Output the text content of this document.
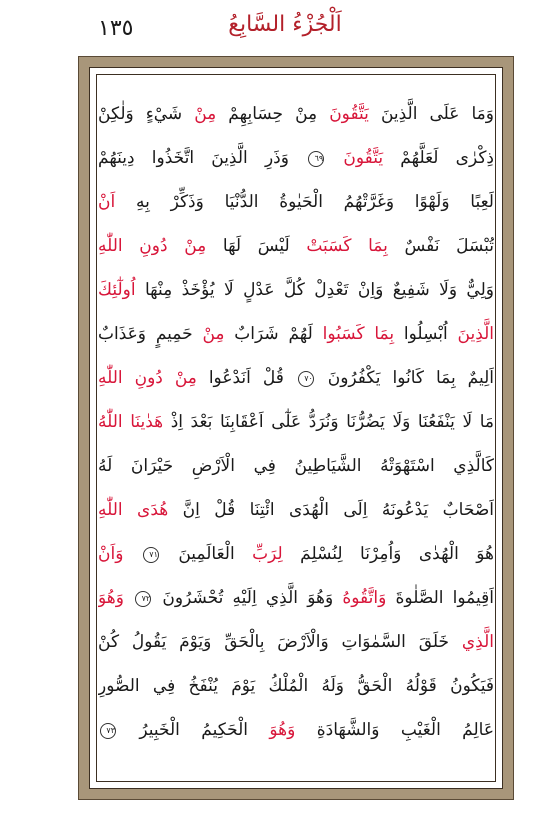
١٣٥	اَلْجُزْءُ السَّابِعُ
وَمَا عَلَى الَّذِينَ يَتَّقُونَ مِنْ حِسَابِهِمْ مِنْ شَيْءٍ وَلٰكِنْ
ذِكْرٰى لَعَلَّهُمْ يَتَّقُونَ ٦٩ وَذَرِ الَّذِينَ اتَّخَذُوا دِينَهُمْ
لَعِبًا وَلَهْوًا وَغَرَّتْهُمُ الْحَيٰوةُ الدُّنْيَا وَذَكِّرْ بِهِ اَنْ
تُبْسَلَ نَفْسٌ بِمَا كَسَبَتْ لَيْسَ لَهَا مِنْ دُونِ اللّٰهِ
وَلِيٌّ وَلَا شَفِيعٌ وَاِنْ تَعْدِلْ كُلَّ عَدْلٍ لَا يُؤْخَذْ مِنْهَا اُولٰٓئِكَ
الَّذِينَ اُبْسِلُوا بِمَا كَسَبُوا لَهُمْ شَرَابٌ مِنْ حَمِيمٍ وَعَذَابٌ
اَلِيمٌ بِمَا كَانُوا يَكْفُرُونَ ٧٠ قُلْ اَنَدْعُوا مِنْ دُونِ اللّٰهِ
مَا لَا يَنْفَعُنَا وَلَا يَضُرُّنَا وَنُرَدُّ عَلٰٓى اَعْقَابِنَا بَعْدَ اِذْ هَدٰينَا اللّٰهُ
كَالَّذِي اسْتَهْوَتْهُ الشَّيَاطِينُ فِي الْاَرْضِ حَيْرَانَ لَهُ
اَصْحَابٌ يَدْعُونَهُ اِلَى الْهُدَى ائْتِنَا قُلْ اِنَّ هُدَى اللّٰهِ
هُوَ الْهُدٰى وَاُمِرْنَا لِنُسْلِمَ لِرَبِّ الْعَالَمِينَ ٧١ وَاَنْ
اَقِيمُوا الصَّلٰوةَ وَاتَّقُوهُ وَهُوَ الَّذِي اِلَيْهِ تُحْشَرُونَ ٧٢ وَهُوَ
الَّذِي خَلَقَ السَّمٰوَاتِ وَالْاَرْضَ بِالْحَقِّ وَيَوْمَ يَقُولُ كُنْ
فَيَكُونُ قَوْلُهُ الْحَقُّ وَلَهُ الْمُلْكُ يَوْمَ يُنْفَخُ فِي الصُّورِ
عَالِمُ الْغَيْبِ وَالشَّهَادَةِ وَهُوَ الْحَكِيمُ الْخَبِيرُ ٧٣
